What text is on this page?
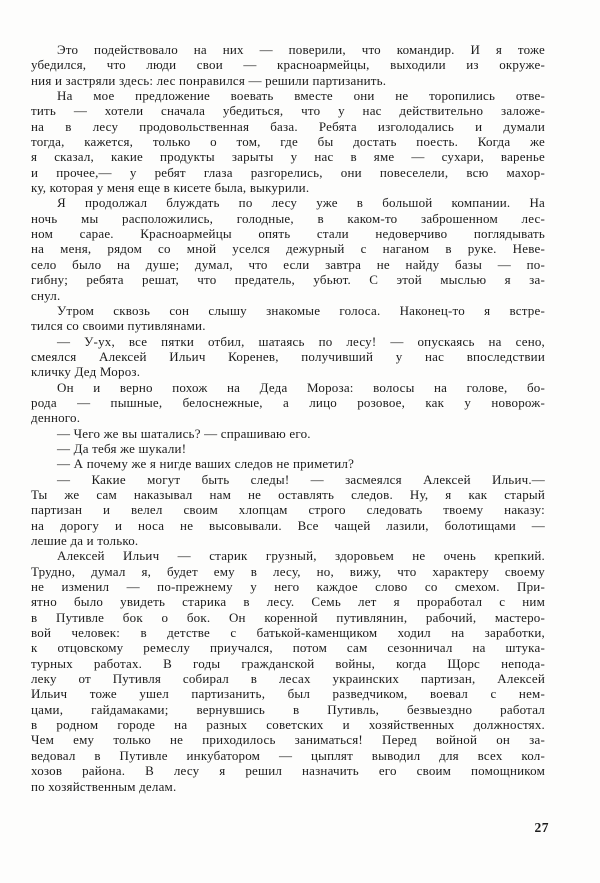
Это подействовало на них — поверили, что командир. И я тоже
убедился, что люди свои — красноармейцы, выходили из окруже-
ния и застряли здесь: лес понравился — решили партизанить.
На мое предложение воевать вместе они не торопились отве-
тить — хотели сначала убедиться, что у нас действительно заложе-
на в лесу продовольственная база. Ребята изголодались и думали
тогда, кажется, только о том, где бы достать поесть. Когда же
я сказал, какие продукты зарыты у нас в яме — сухари, варенье
и прочее,— у ребят глаза разгорелись, они повеселели, всю махор-
ку, которая у меня еще в кисете была, выкурили.
Я продолжал блуждать по лесу уже в большой компании. На
ночь мы расположились, голодные, в каком-то заброшенном лес-
ном сарае. Красноармейцы опять стали недоверчиво поглядывать
на меня, рядом со мной уселся дежурный с наганом в руке. Неве-
село было на душе; думал, что если завтра не найду базы — по-
гибну; ребята решат, что предатель, убьют. С этой мыслью я за-
снул.
Утром сквозь сон слышу знакомые голоса. Наконец-то я встре-
тился со своими путивлянами.
— У-ух, все пятки отбил, шатаясь по лесу! — опускаясь на сено,
смеялся Алексей Ильич Коренев, получивший у нас впоследствии
кличку Дед Мороз.
Он и верно похож на Деда Мороза: волосы на голове, бо-
рода — пышные, белоснежные, а лицо розовое, как у новорож-
денного.
— Чего же вы шатались? — спрашиваю его.
— Да тебя же шукали!
— А почему же я нигде ваших следов не приметил?
— Какие могут быть следы! — засмеялся Алексей Ильич.—
Ты же сам наказывал нам не оставлять следов. Ну, я как старый
партизан и велел своим хлопцам строго следовать твоему наказу:
на дорогу и носа не высовывали. Все чащей лазили, болотищами —
лешие да и только.
Алексей Ильич — старик грузный, здоровьем не очень крепкий.
Трудно, думал я, будет ему в лесу, но, вижу, что характеру своему
не изменил — по-прежнему у него каждое слово со смехом. При-
ятно было увидеть старика в лесу. Семь лет я проработал с ним
в Путивле бок о бок. Он коренной путивлянин, рабочий, мастеро-
вой человек: в детстве с батькой-каменщиком ходил на заработки,
к отцовскому ремеслу приучался, потом сам сезонничал на штука-
турных работах. В годы гражданской войны, когда Щорс непода-
леку от Путивля собирал в лесах украинских партизан, Алексей
Ильич тоже ушел партизанить, был разведчиком, воевал с нем-
цами, гайдамаками; вернувшись в Путивль, безвыездно работал
в родном городе на разных советских и хозяйственных должностях.
Чем ему только не приходилось заниматься! Перед войной он за-
ведовал в Путивле инкубатором — цыплят выводил для всех кол-
хозов района. В лесу я решил назначить его своим помощником
по хозяйственным делам.
27
